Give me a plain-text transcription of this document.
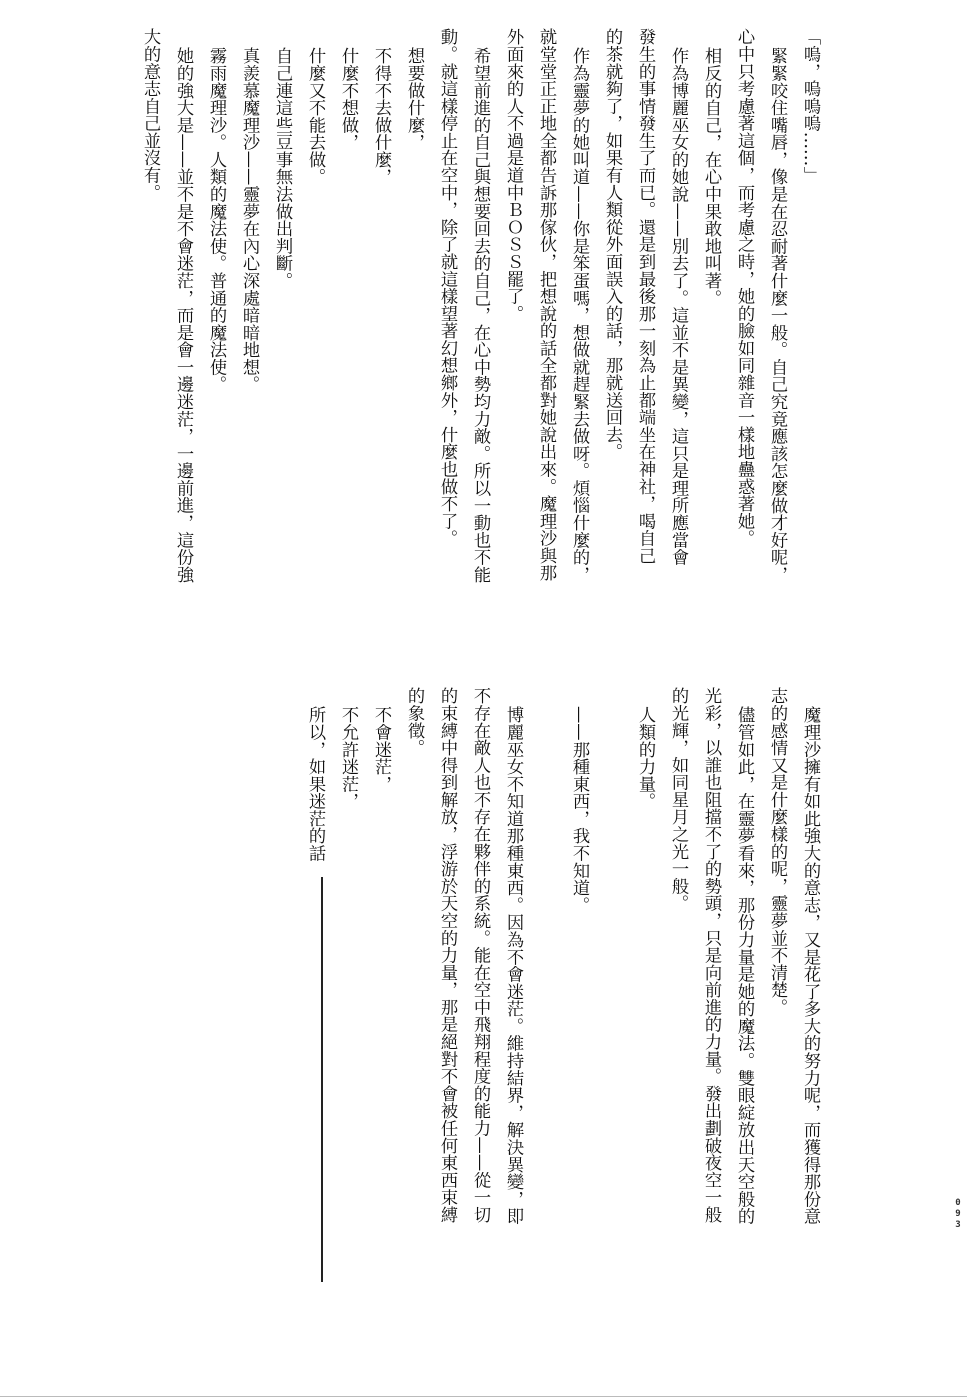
「嗚，嗚嗚嗚……」
緊緊咬住嘴唇，像是在忍耐著什麼一般。自己究竟應該怎麼做才好呢，
心中只考慮著這個，而考慮之時，她的臉如同雜音一樣地蠱惑著她。
相反的自己，在心中果敢地叫著。
作為博麗巫女的她說——別去了。這並不是異變，這只是理所應當會
發生的事情發生了而已。還是到最後那一刻為止都端坐在神社，喝自己
的茶就夠了，如果有人類從外面誤入的話，那就送回去。
作為靈夢的她叫道——你是笨蛋嗎，想做就趕緊去做呀。煩惱什麼的，
就堂堂正正地全都告訴那傢伙，把想說的話全都對她說出來。魔理沙與那
外面來的人不過是道中ＢＯＳＳ罷了。
希望前進的自己與想要回去的自己，在心中勢均力敵。所以一動也不能
動。就這樣停止在空中，除了就這樣望著幻想鄉外，什麼也做不了。
想要做什麼，
不得不去做什麼，
什麼不想做，
什麼又不能去做。
自己連這些豆事無法做出判斷。
真羨慕魔理沙——靈夢在內心深處暗暗地想。
霧雨魔理沙。人類的魔法使。普通的魔法使。
她的強大是——並不是不會迷茫，而是會一邊迷茫，一邊前進，這份強
大的意志自己並沒有。
魔理沙擁有如此強大的意志，又是花了多大的努力呢，而獲得那份意
志的感情又是什麼樣的呢，靈夢並不清楚。
儘管如此，在靈夢看來，那份力量是她的魔法。雙眼綻放出天空般的
光彩，以誰也阻擋不了的勢頭，只是向前進的力量。發出劃破夜空一般
的光輝，如同星月之光一般。
人類的力量。
——那種東西，我不知道。
博麗巫女不知道那種東西。因為不會迷茫。維持結界，解決異變，即
不存在敵人也不存在夥伴的系統。能在空中飛翔程度的能力——從一切
的束縛中得到解放，浮游於天空的力量，那是絕對不會被任何東西束縛
的象徵。
不會迷茫，
不允許迷茫，
所以，如果迷茫的話
093
